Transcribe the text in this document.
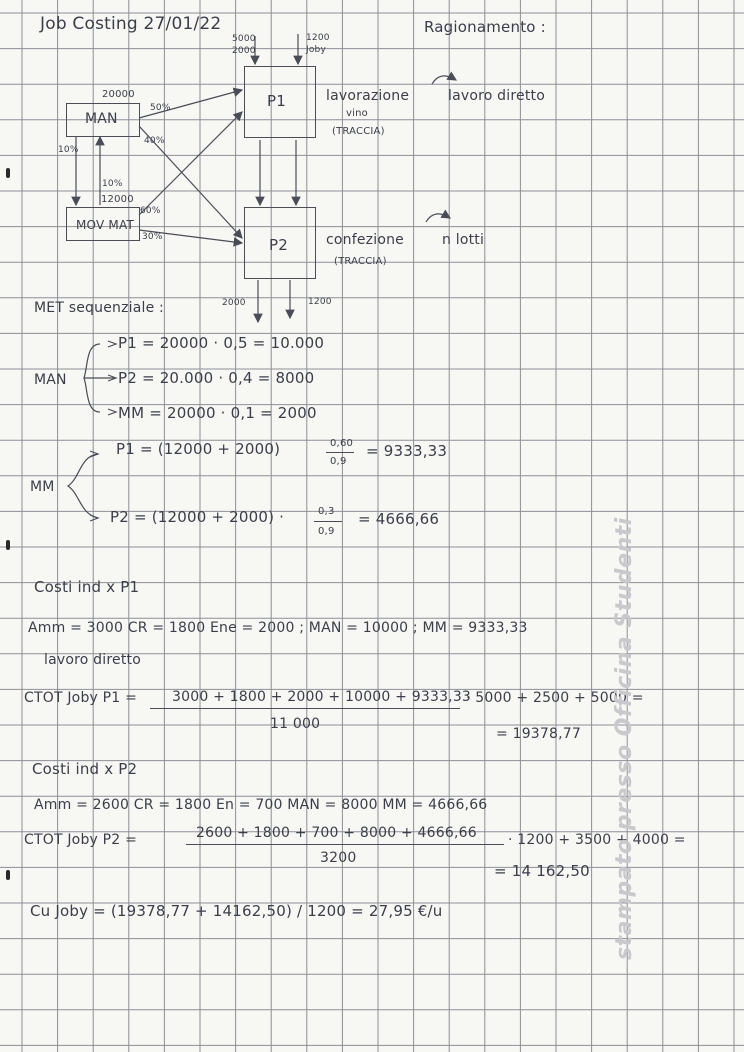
Job Costing 27/01/22	Ragionamento :
MAN
MOV MAT
P1
P2
20000
12000
50%
40%
10%
10%
60%
30%
5000
2000
1200
Joby
lavorazione
vino
(TRACCIA)
lavoro diretto
confezione
(TRACCIA)
n lotti
2000	1200
MET sequenziale :
MAN
P1 = 20000 · 0,5 = 10.000
P2 = 20.000 · 0,4 = 8000
MM = 20000 · 0,1 = 2000
MM
P1 = (12000 + 2000)	0,60
0,9
= 9333,33
P2 = (12000 + 2000) ·	0,3
0,9
= 4666,66
Costi ind x P1
Amm = 3000 CR = 1800 Ene = 2000 ; MAN = 10000 ; MM = 9333,33
lavoro diretto
CTOT Joby P1 =	3000 + 1800 + 2000 + 10000 + 9333,33
11 000
· 5000 + 2500 + 5000 =
= 19378,77
Costi ind x P2
Amm = 2600 CR = 1800 En = 700 MAN = 8000 MM = 4666,66
CTOT Joby P2 =	2600 + 1800 + 700 + 8000 + 4666,66
3200
· 1200 + 3500 + 4000 =
= 14 162,50
Cu Joby = (19378,77 + 14162,50) / 1200 = 27,95 €/u	stampato presso Officina Studenti
